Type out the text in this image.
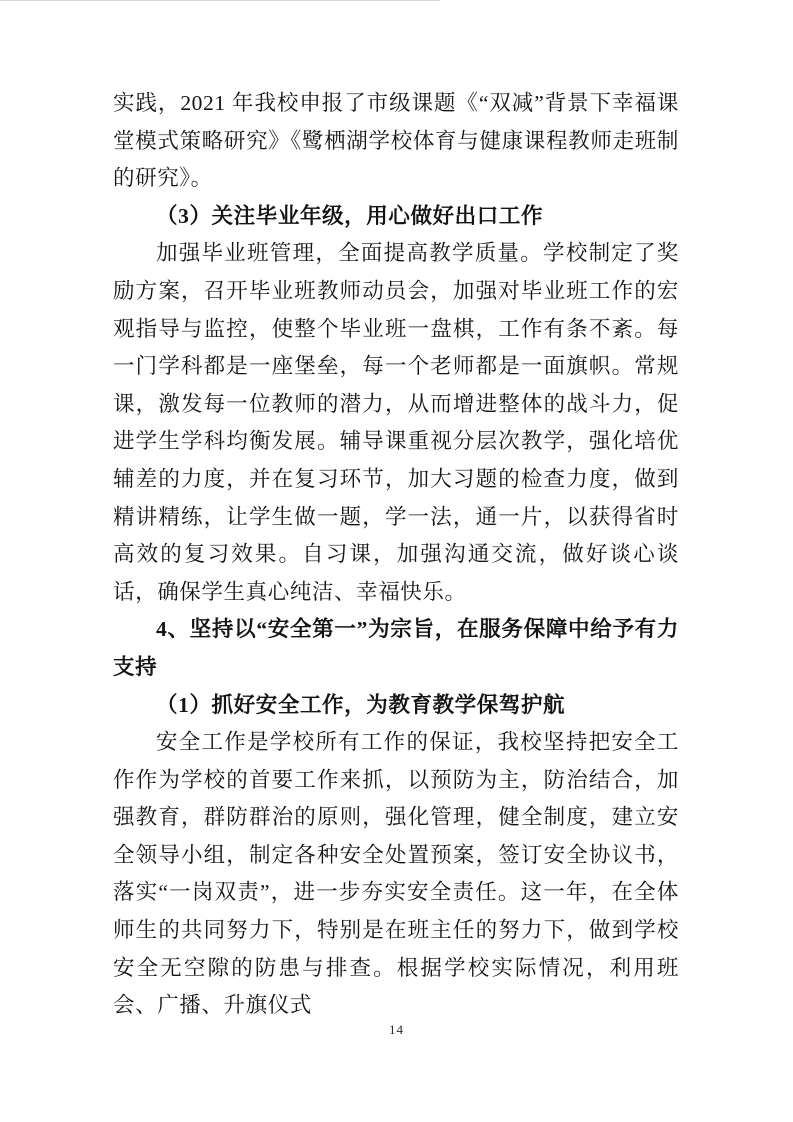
实践，2021 年我校申报了市级课题《“双减”背景下幸福课堂模式策略研究》《鹭栖湖学校体育与健康课程教师走班制的研究》。

（3）关注毕业年级，用心做好出口工作

加强毕业班管理，全面提高教学质量。学校制定了奖励方案，召开毕业班教师动员会，加强对毕业班工作的宏观指导与监控，使整个毕业班一盘棋，工作有条不紊。每一门学科都是一座堡垒，每一个老师都是一面旗帜。常规课，激发每一位教师的潜力，从而增进整体的战斗力，促进学生学科均衡发展。辅导课重视分层次教学，强化培优辅差的力度，并在复习环节，加大习题的检查力度，做到精讲精练，让学生做一题，学一法，通一片，以获得省时高效的复习效果。自习课，加强沟通交流，做好谈心谈话，确保学生真心纯洁、幸福快乐。

4、坚持以“安全第一”为宗旨，在服务保障中给予有力支持

（1）抓好安全工作，为教育教学保驾护航

安全工作是学校所有工作的保证，我校坚持把安全工作作为学校的首要工作来抓，以预防为主，防治结合，加强教育，群防群治的原则，强化管理，健全制度，建立安全领导小组，制定各种安全处置预案，签订安全协议书，落实“一岗双责”，进一步夯实安全责任。这一年，在全体师生的共同努力下，特别是在班主任的努力下，做到学校安全无空隙的防患与排查。根据学校实际情况，利用班会、广播、升旗仪式

14
